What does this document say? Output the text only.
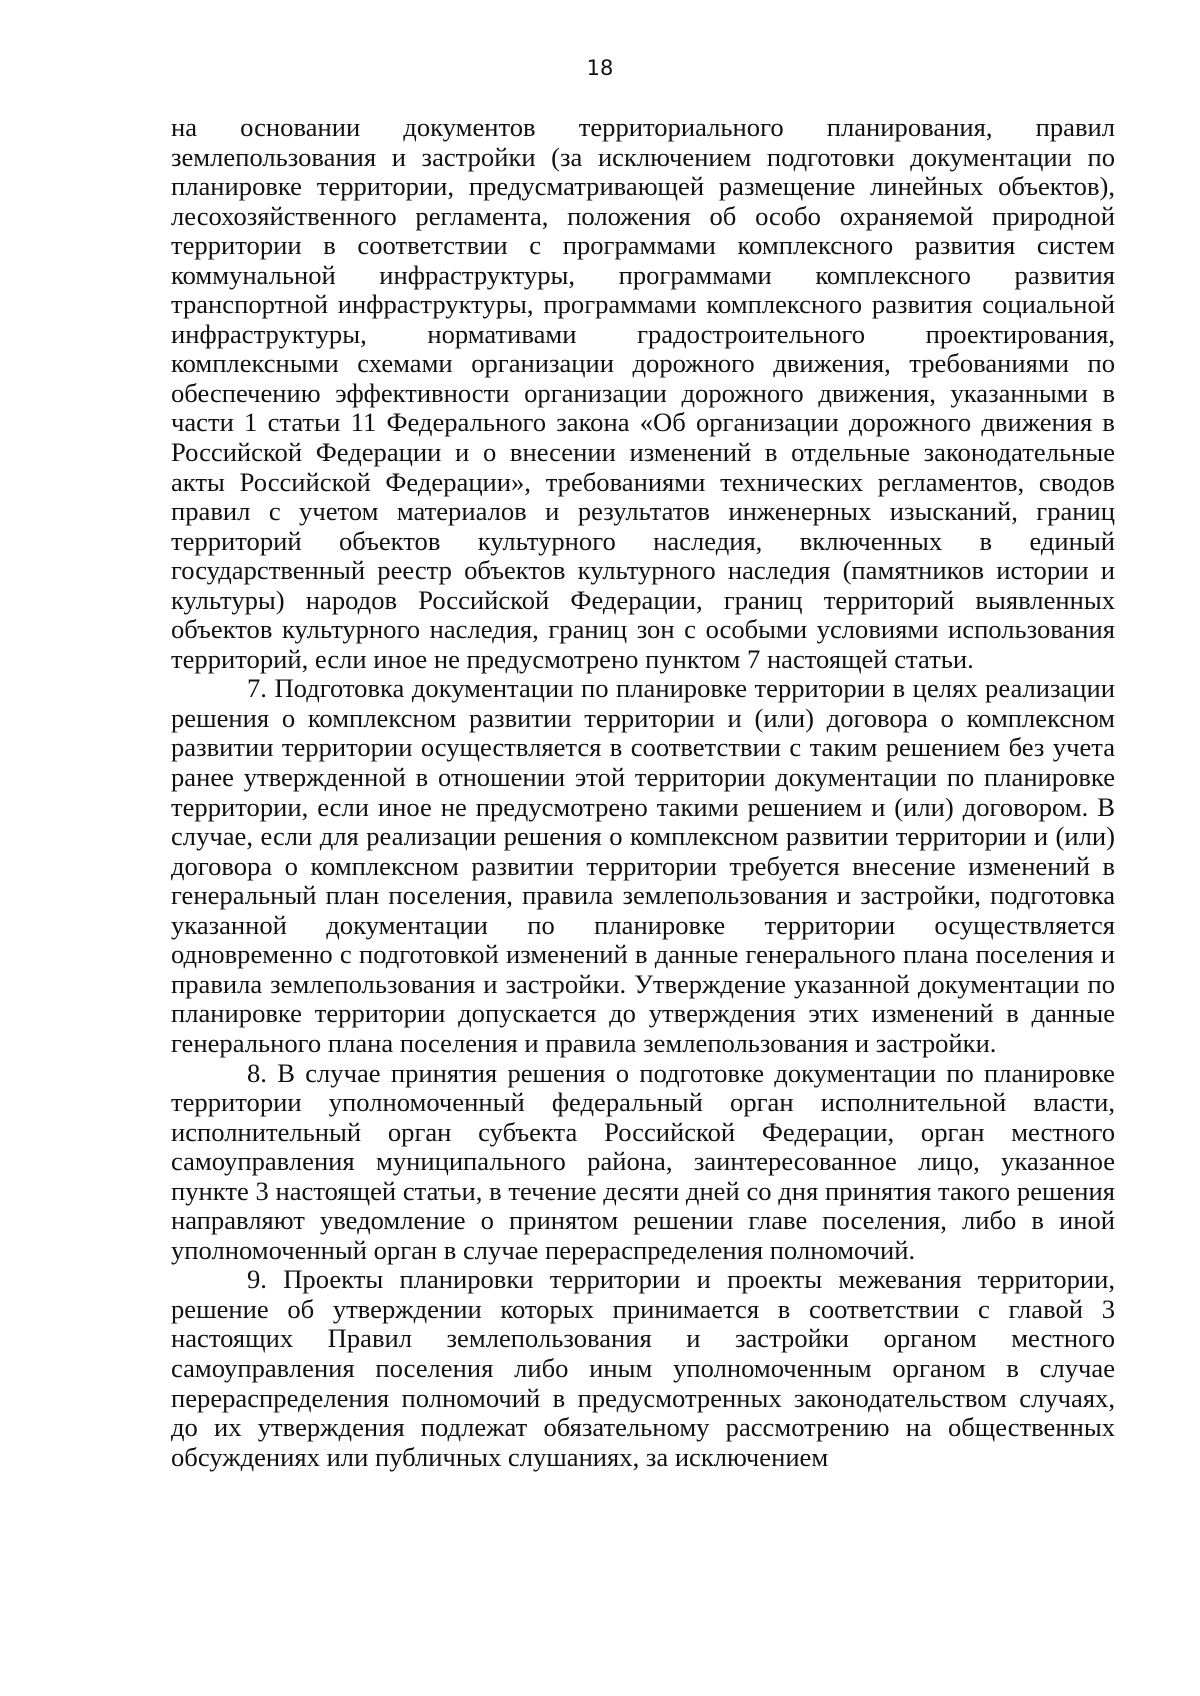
18

на основании документов территориального планирования, правил землепользования и застройки (за исключением подготовки документации по планировке территории, предусматривающей размещение линейных объектов), лесохозяйственного регламента, положения об особо охраняемой природной территории в соответствии с программами комплексного развития систем коммунальной инфраструктуры, программами комплексного развития транспортной инфраструктуры, программами комплексного развития социальной инфраструктуры, нормативами градостроительного проектирования, комплексными схемами организации дорожного движения, требованиями по обеспечению эффективности организации дорожного движения, указанными в части 1 статьи 11 Федерального закона «Об организации дорожного движения в Российской Федерации и о внесении изменений в отдельные законодательные акты Российской Федерации», требованиями технических регламентов, сводов правил с учетом материалов и результатов инженерных изысканий, границ территорий объектов культурного наследия, включенных в единый государственный реестр объектов культурного наследия (памятников истории и культуры) народов Российской Федерации, границ территорий выявленных объектов культурного наследия, границ зон с особыми условиями использования территорий, если иное не предусмотрено пунктом 7 настоящей статьи.

7. Подготовка документации по планировке территории в целях реализации решения о комплексном развитии территории и (или) договора о комплексном развитии территории осуществляется в соответствии с таким решением без учета ранее утвержденной в отношении этой территории документации по планировке территории, если иное не предусмотрено такими решением и (или) договором. В случае, если для реализации решения о комплексном развитии территории и (или) договора о комплексном развитии территории требуется внесение изменений в генеральный план поселения, правила землепользования и застройки, подготовка указанной документации по планировке территории осуществляется одновременно с подготовкой изменений в данные генерального плана поселения и правила землепользования и застройки. Утверждение указанной документации по планировке территории допускается до утверждения этих изменений в данные генерального плана поселения и правила землепользования и застройки.

8. В случае принятия решения о подготовке документации по планировке территории уполномоченный федеральный орган исполнительной власти, исполнительный орган субъекта Российской Федерации, орган местного самоуправления муниципального района, заинтересованное лицо, указанное пункте 3 настоящей статьи, в течение десяти дней со дня принятия такого решения направляют уведомление о принятом решении главе поселения, либо в иной уполномоченный орган в случае перераспределения полномочий.

9. Проекты планировки территории и проекты межевания территории, решение об утверждении которых принимается в соответствии с главой 3 настоящих Правил землепользования и застройки органом местного самоуправления поселения либо иным уполномоченным органом в случае перераспределения полномочий в предусмотренных законодательством случаях, до их утверждения подлежат обязательному рассмотрению на общественных обсуждениях или публичных слушаниях, за исключением
